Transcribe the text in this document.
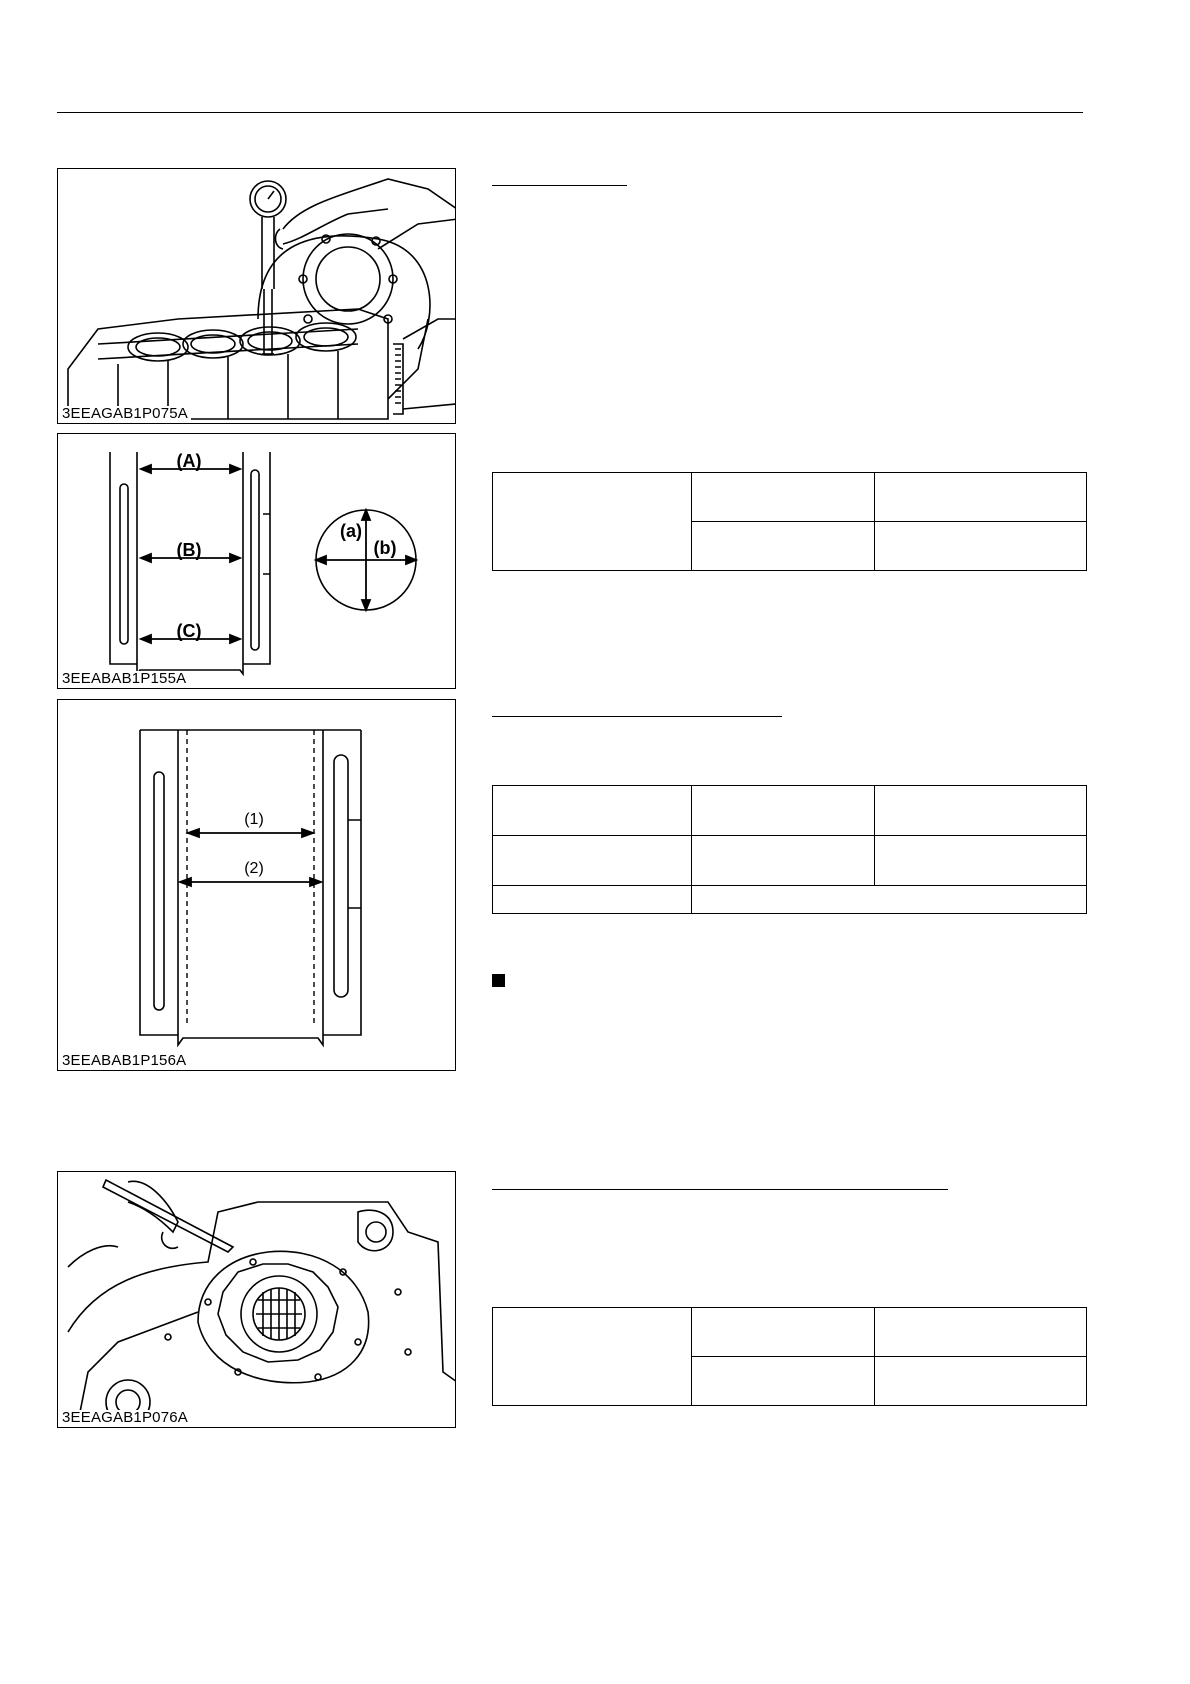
3EEAGAB1P075A
(A)
(B)
(C)
(a)
(b)
3EEABAB1P155A
(1)
(2)
3EEABAB1P156A
3EEAGAB1P076A
